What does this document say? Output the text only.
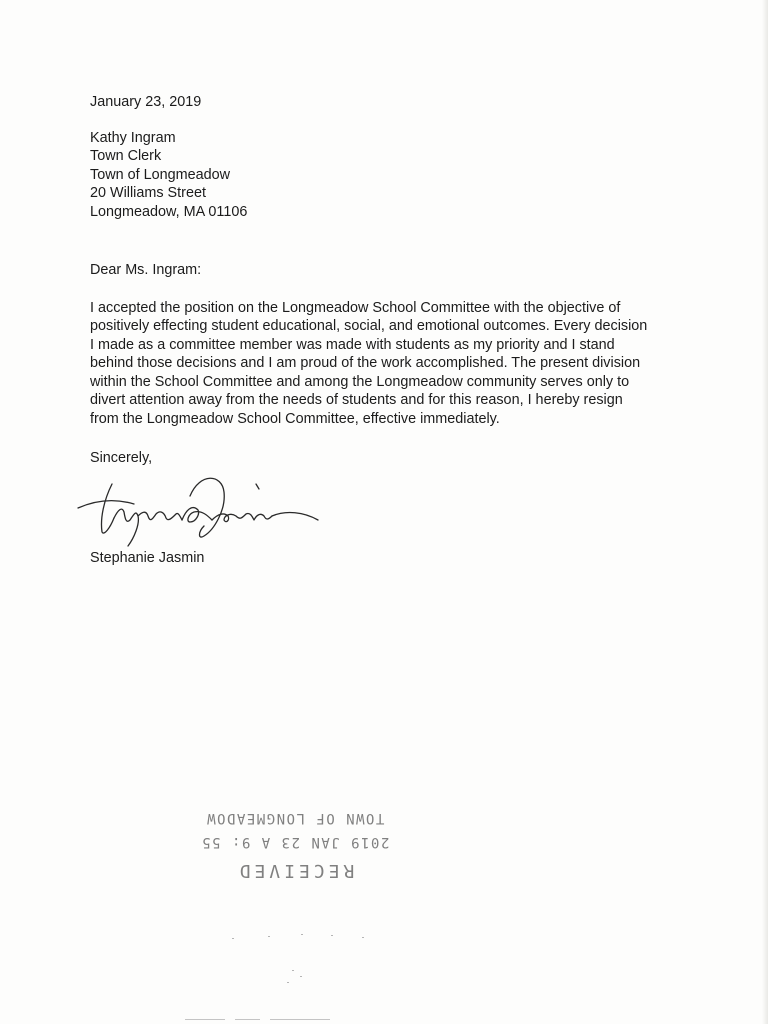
January 23, 2019
Kathy Ingram
Town Clerk
Town of Longmeadow
20 Williams Street
Longmeadow, MA 01106
Dear Ms. Ingram:
I accepted the position on the Longmeadow School Committee with the objective of
positively effecting student educational, social, and emotional outcomes. Every decision
I made as a committee member was made with students as my priority and I stand
behind those decisions and I am proud of the work accomplished. The present division
within the School Committee and among the Longmeadow community serves only to
divert attention away from the needs of students and for this reason, I hereby resign
from the Longmeadow School Committee, effective immediately.
Sincerely,
Stephanie Jasmin
RECEIVED
2019 JAN 23 A 9: 55
TOWN OF LONGMEADOW
